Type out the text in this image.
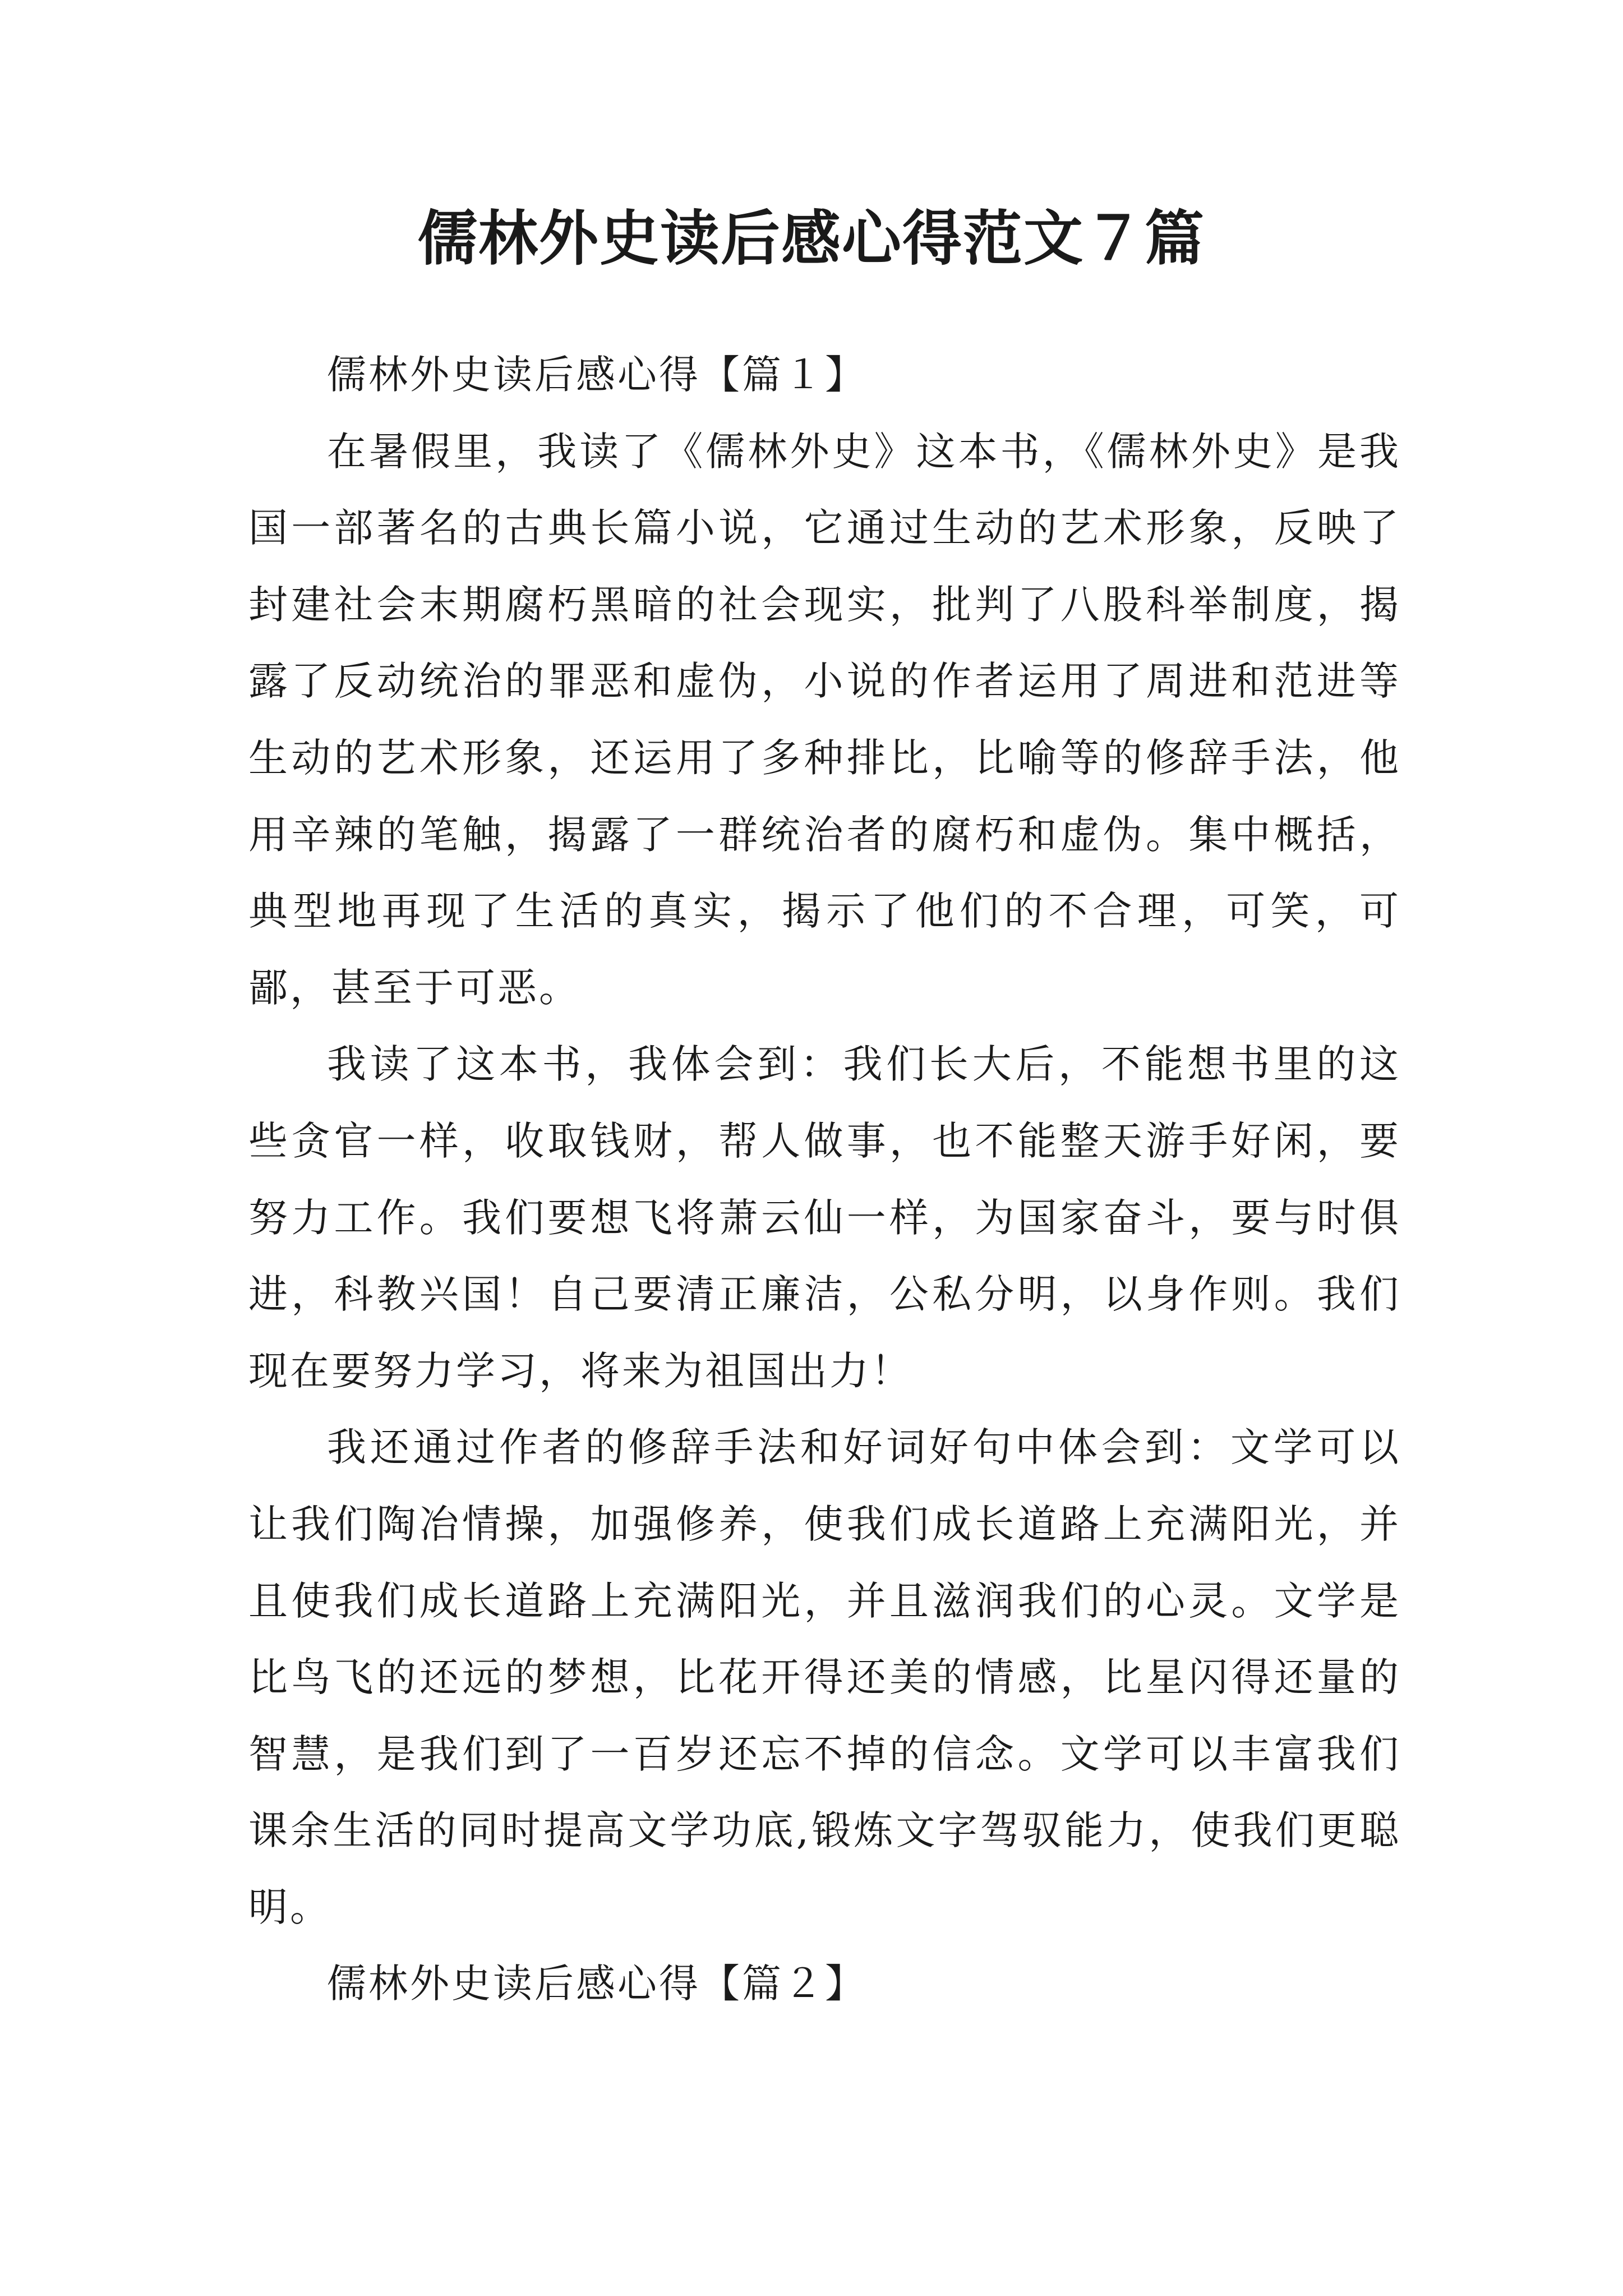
儒林外史读后感心得范文７篇

儒林外史读后感心得【篇１】

在暑假里，我读了《儒林外史》这本书，《儒林外史》是我国一部著名的古典长篇小说，它通过生动的艺术形象，反映了封建社会末期腐朽黑暗的社会现实，批判了八股科举制度，揭露了反动统治的罪恶和虚伪，小说的作者运用了周进和范进等生动的艺术形象，还运用了多种排比，比喻等的修辞手法，他用辛辣的笔触，揭露了一群统治者的腐朽和虚伪。集中概括，典型地再现了生活的真实，揭示了他们的不合理，可笑，可鄙，甚至于可恶。

我读了这本书，我体会到：我们长大后，不能想书里的这些贪官一样，收取钱财，帮人做事，也不能整天游手好闲，要努力工作。我们要想飞将萧云仙一样，为国家奋斗，要与时俱进，科教兴国！自己要清正廉洁，公私分明，以身作则。我们现在要努力学习，将来为祖国出力！

我还通过作者的修辞手法和好词好句中体会到：文学可以让我们陶冶情操，加强修养，使我们成长道路上充满阳光，并且使我们成长道路上充满阳光，并且滋润我们的心灵。文学是比鸟飞的还远的梦想，比花开得还美的情感，比星闪得还量的智慧，是我们到了一百岁还忘不掉的信念。文学可以丰富我们课余生活的同时提高文学功底,锻炼文字驾驭能力，使我们更聪明。

儒林外史读后感心得【篇２】
